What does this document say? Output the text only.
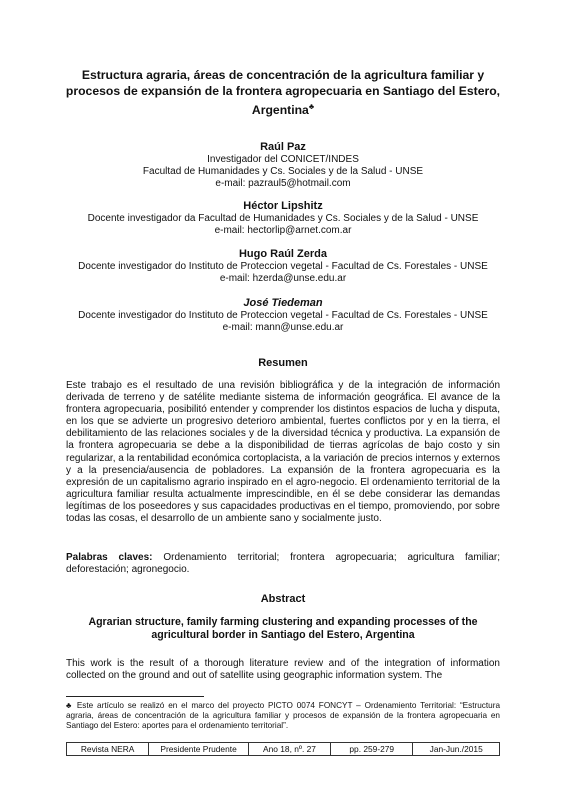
Estructura agraria, áreas de concentración de la agricultura familiar y procesos de expansión de la frontera agropecuaria en Santiago del Estero, Argentina♣
Raúl Paz
Investigador del CONICET/INDES
Facultad de Humanidades y Cs. Sociales y de la Salud - UNSE
e-mail: pazraul5@hotmail.com
Héctor Lipshitz
Docente investigador da Facultad de Humanidades y Cs. Sociales y de la Salud - UNSE
e-mail: hectorlip@arnet.com.ar
Hugo Raúl Zerda
Docente investigador do Instituto de Proteccion vegetal - Facultad de Cs. Forestales - UNSE
e-mail: hzerda@unse.edu.ar
José Tiedeman
Docente investigador do Instituto de Proteccion vegetal - Facultad de Cs. Forestales - UNSE
e-mail: mann@unse.edu.ar
Resumen
Este trabajo es el resultado de una revisión bibliográfica y de la integración de información derivada de terreno y de satélite mediante sistema de información geográfica. El avance de la frontera agropecuaria, posibilitó entender y comprender los distintos espacios de lucha y disputa, en los que se advierte un progresivo deterioro ambiental, fuertes conflictos por y en la tierra, el debilitamiento de las relaciones sociales y de la diversidad técnica y productiva. La expansión de la frontera agropecuaria se debe a la disponibilidad de tierras agrícolas de bajo costo y sin regularizar, a la rentabilidad económica cortoplacista, a la variación de precios internos y externos y a la presencia/ausencia de pobladores. La expansión de la frontera agropecuaria es la expresión de un capitalismo agrario inspirado en el agro-negocio. El ordenamiento territorial de la agricultura familiar resulta actualmente imprescindible, en él se debe considerar las demandas legítimas de los poseedores y sus capacidades productivas en el tiempo, promoviendo, por sobre todas las cosas, el desarrollo de un ambiente sano y socialmente justo.
Palabras claves: Ordenamiento territorial; frontera agropecuaria; agricultura familiar; deforestación; agronegocio.
Abstract
Agrarian structure, family farming clustering and expanding processes of the agricultural border in Santiago del Estero, Argentina
This work is the result of a thorough literature review and of the integration of information collected on the ground and out of satellite using geographic information system. The
♣ Este artículo se realizó en el marco del proyecto PICTO 0074 FONCYT – Ordenamiento Territorial: “Estructura agraria, áreas de concentración de la agricultura familiar y procesos de expansión de la frontera agropecuaria en Santiago del Estero: aportes para el ordenamiento territorial”.
Revista NERA	Presidente Prudente	Ano 18, nº. 27	pp. 259-279	Jan-Jun./2015
